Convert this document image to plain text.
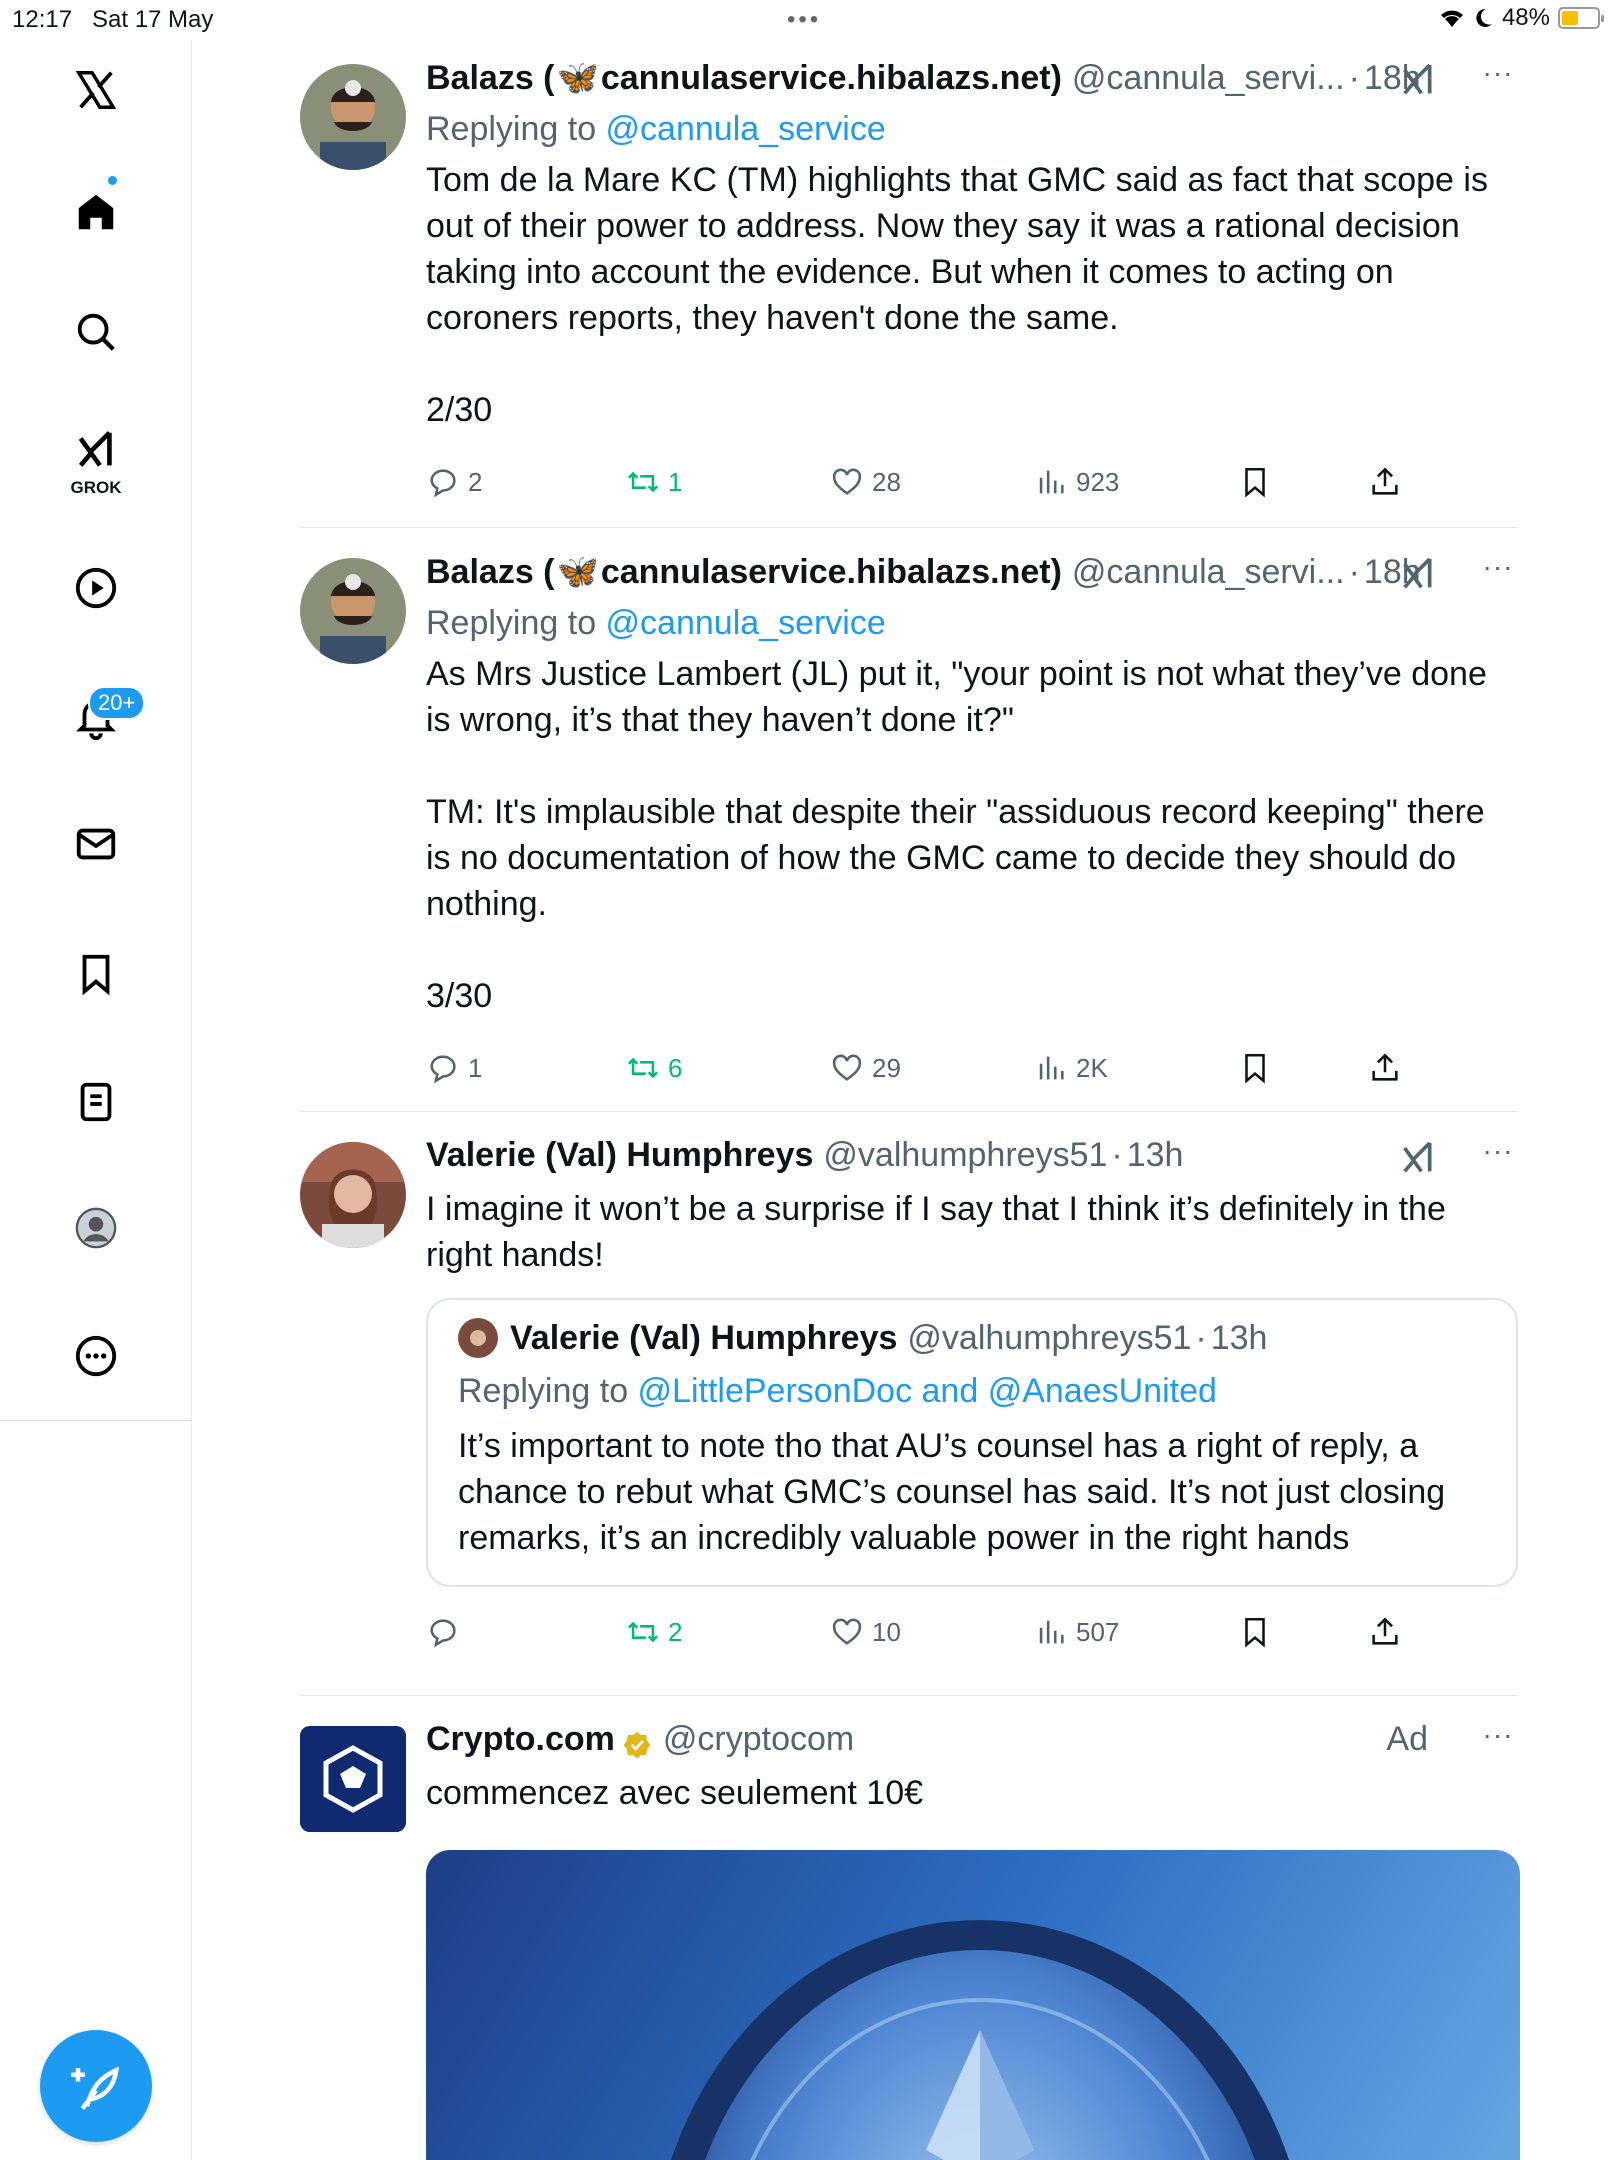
12:17 Sat 17 May	•••	48%
GROK
20+
Balazs ( 🦋 cannulaservice.hibalazs.net) @cannula_servi... · 18h
Replying to @cannula_service
Tom de la Mare KC (TM) highlights that GMC said as fact that scope is out of their power to address. Now they say it was a rational decision taking into account the evidence. But when it comes to acting on coroners reports, they haven't done the same.

2/30
2	1	28	923
···
Balazs ( 🦋 cannulaservice.hibalazs.net) @cannula_servi... · 18h
Replying to @cannula_service
As Mrs Justice Lambert (JL) put it, "your point is not what they’ve done is wrong, it’s that they haven’t done it?"

TM: It's implausible that despite their "assiduous record keeping" there is no documentation of how the GMC came to decide they should do nothing.

3/30
1	6	29	2K
···
Valerie (Val) Humphreys @valhumphreys51 · 13h
I imagine it won’t be a surprise if I say that I think it’s definitely in the right hands!
Valerie (Val) Humphreys @valhumphreys51 · 13h
Replying to @LittlePersonDoc and @AnaesUnited
It’s important to note tho that AU’s counsel has a right of reply, a chance to rebut what GMC’s counsel has said. It’s not just closing remarks, it’s an incredibly valuable power in the right hands
2	10	507
···
Crypto.com @cryptocom
commencez avec seulement 10€
Ad ···
